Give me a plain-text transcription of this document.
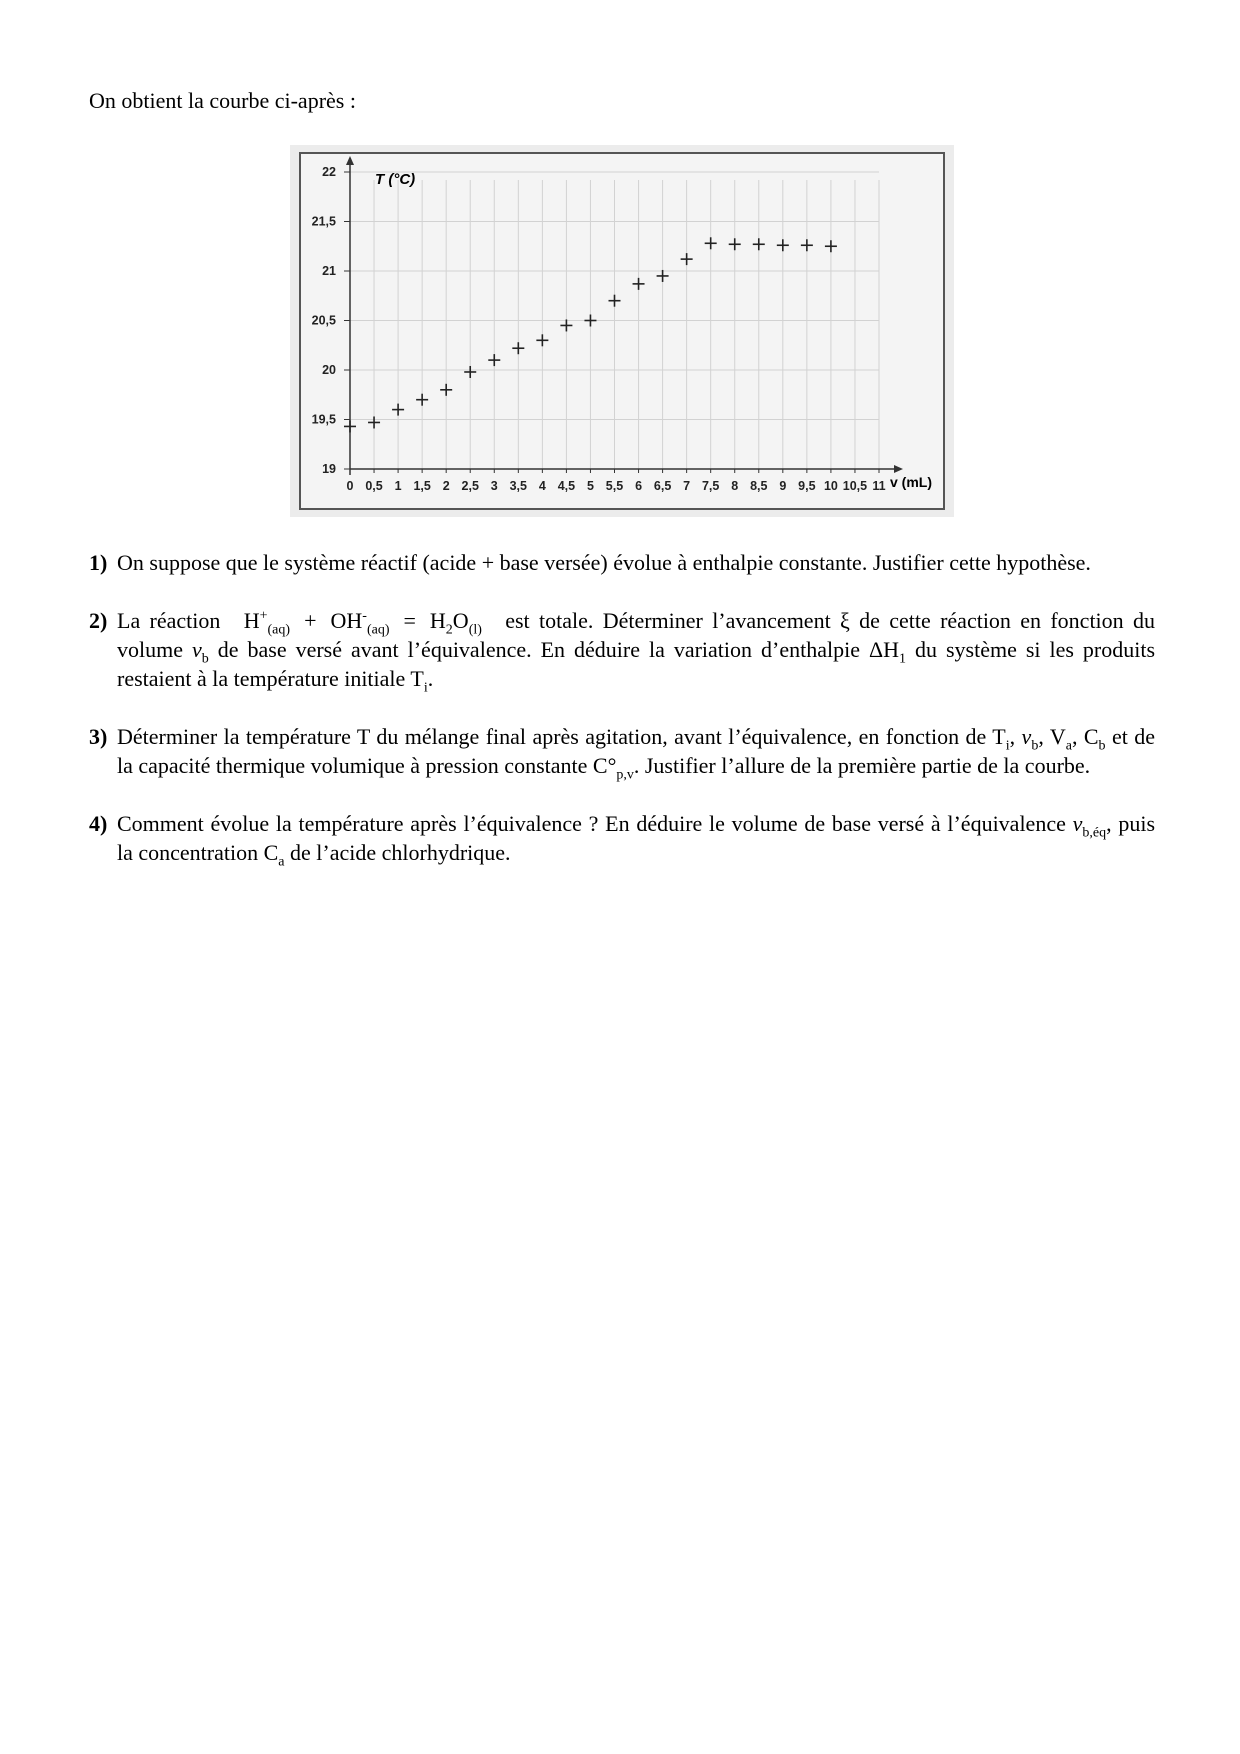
On obtient la courbe ci-après :
0 0,5 1 1,5 2 2,5 3 3,5 4 4,5 5 5,5 6 6,5 7 7,5 8 8,5 9 9,5 10 10,5 11
19
19,5
20
20,5
21
21,5
22	T (°C)
v (mL)
1) On suppose que le système réactif (acide + base versée) évolue à enthalpie constante. Justifier cette hypothèse.
2) La réaction $H^+_{(aq)} + OH^-_{(aq)} = H_2O_{(l)}$ est totale. Déterminer l’avancement ξ de cette réaction en fonction du volume $v_b$ de base versé avant l’équivalence. En déduire la variation d’enthalpie $\Delta H_1$ du système si les produits restaient à la température initiale $T_i$.
3) Déterminer la température T du mélange final après agitation, avant l’équivalence, en fonction de $T_i$, $v_b$, $V_a$, $C_b$ et de la capacité thermique volumique à pression constante $C^\circ_{p,v}$. Justifier l’allure de la première partie de la courbe.
4) Comment évolue la température après l’équivalence ? En déduire le volume de base versé à l’équivalence $v_{b,éq}$, puis la concentration $C_a$ de l’acide chlorhydrique.
